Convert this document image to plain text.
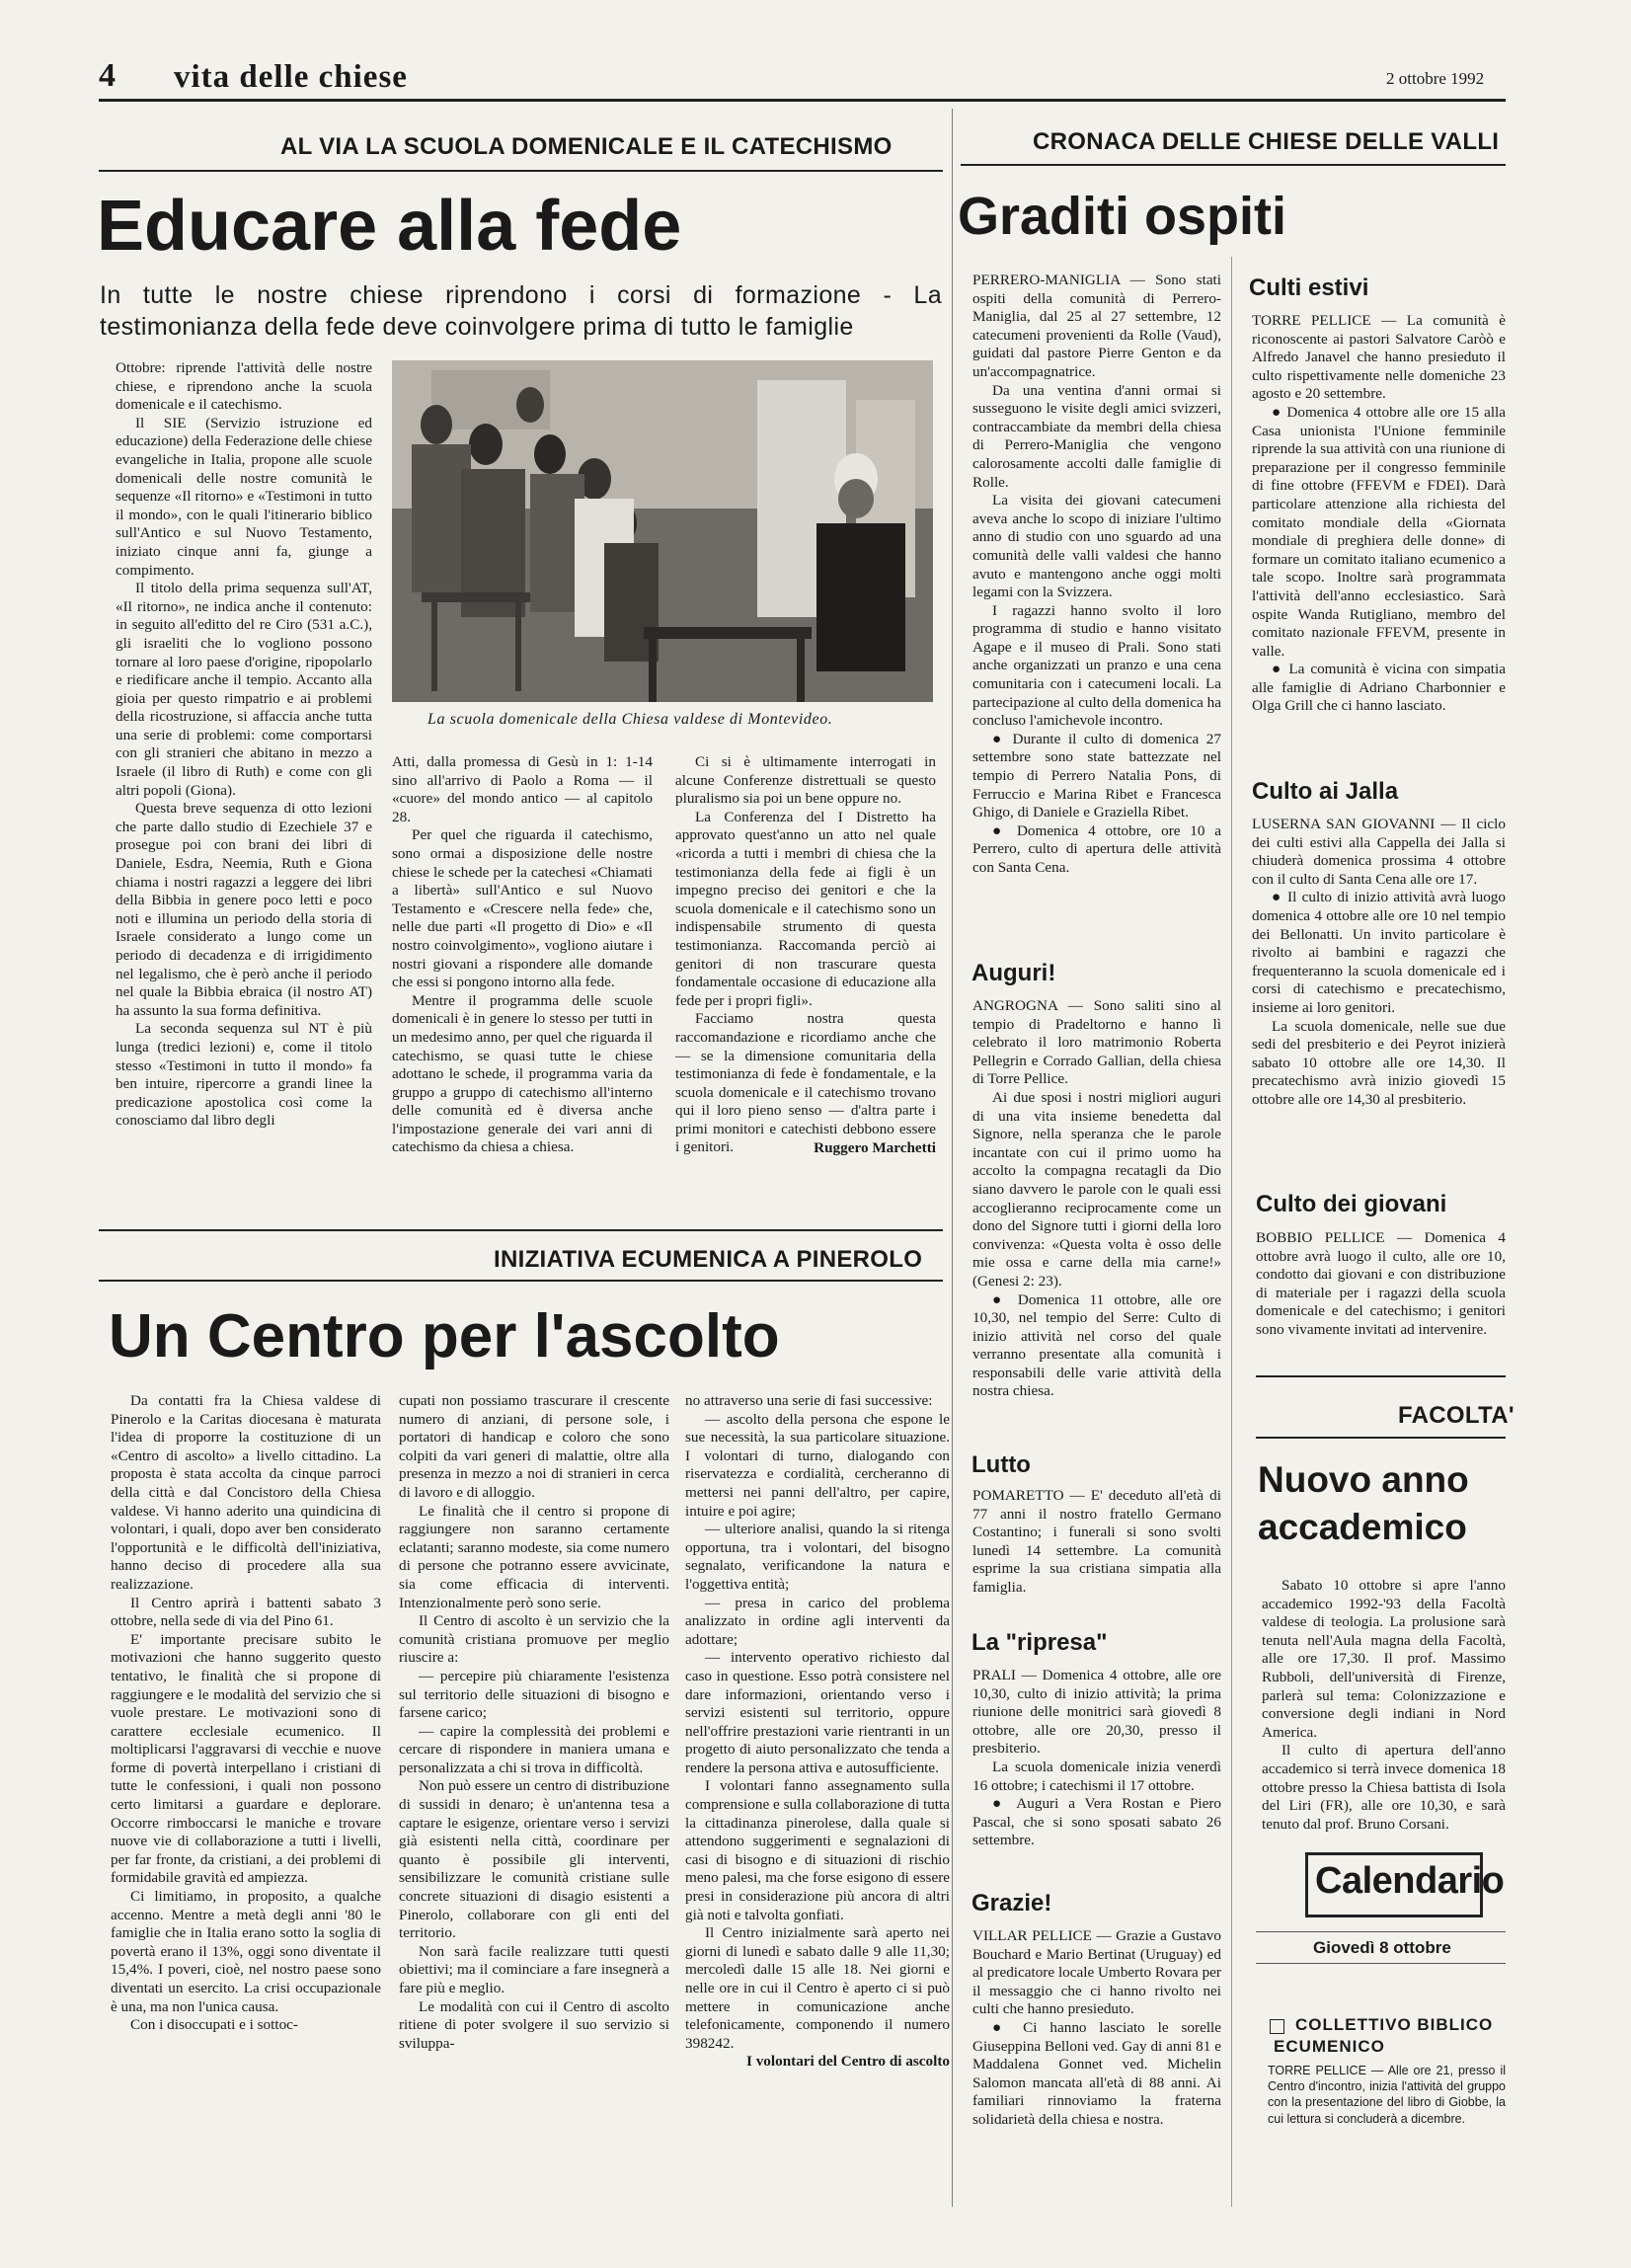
4 vita delle chiese	2 ottobre 1992
AL VIA LA SCUOLA DOMENICALE E IL CATECHISMO
Educare alla fede
In tutte le nostre chiese riprendono i corsi di formazione - La testimonianza della fede deve coinvolgere prima di tutto le famiglie

Ottobre: riprende l'attività delle nostre chiese, e riprendono anche la scuola domenicale e il catechismo.

Il SIE (Servizio istruzione ed educazione) della Federazione delle chiese evangeliche in Italia, propone alle scuole domenicali delle nostre comunità le sequenze «Il ritorno» e «Testimoni in tutto il mondo», con le quali l'itinerario biblico sull'Antico e sul Nuovo Testamento, iniziato cinque anni fa, giunge a compimento.

Il titolo della prima sequenza sull'AT, «Il ritorno», ne indica anche il contenuto: in seguito all'editto del re Ciro (531 a.C.), gli israeliti che lo vogliono possono tornare al loro paese d'origine, ripopolarlo e riedificare anche il tempio. Accanto alla gioia per questo rimpatrio e ai problemi della ricostruzione, si affaccia anche tutta una serie di problemi: come comportarsi con gli stranieri che abitano in mezzo a Israele (il libro di Ruth) e come con gli altri popoli (Giona).

Questa breve sequenza di otto lezioni che parte dallo studio di Ezechiele 37 e prosegue poi con brani dei libri di Daniele, Esdra, Neemia, Ruth e Giona chiama i nostri ragazzi a leggere dei libri della Bibbia in genere poco letti e poco noti e illumina un periodo della storia di Israele considerato a lungo come un periodo di decadenza e di irrigidimento nel legalismo, che è però anche il periodo nel quale la Bibbia ebraica (il nostro AT) ha assunto la sua forma definitiva.

La seconda sequenza sul NT è più lunga (tredici lezioni) e, come il titolo stesso «Testimoni in tutto il mondo» fa ben intuire, ripercorre a grandi linee la predicazione apostolica così come la conosciamo dal libro degli

La scuola domenicale della Chiesa valdese di Montevideo.

Atti, dalla promessa di Gesù in 1: 1-14 sino all'arrivo di Paolo a Roma — il «cuore» del mondo antico — al capitolo 28.

Per quel che riguarda il catechismo, sono ormai a disposizione delle nostre chiese le schede per la catechesi «Chiamati a libertà» sull'Antico e sul Nuovo Testamento e «Crescere nella fede» che, nelle due parti «Il progetto di Dio» e «Il nostro coinvolgimento», vogliono aiutare i nostri giovani a rispondere alle domande che essi si pongono intorno alla fede.

Mentre il programma delle scuole domenicali è in genere lo stesso per tutti in un medesimo anno, per quel che riguarda il catechismo, se quasi tutte le chiese adottano le schede, il programma varia da gruppo a gruppo di catechismo all'interno delle comunità ed è diversa anche l'impostazione generale dei vari anni di catechismo da chiesa a chiesa.

Ci si è ultimamente interrogati in alcune Conferenze distrettuali se questo pluralismo sia poi un bene oppure no.

La Conferenza del I Distretto ha approvato quest'anno un atto nel quale «ricorda a tutti i membri di chiesa che la testimonianza della fede ai figli è un impegno preciso dei genitori e che la scuola domenicale e il catechismo sono un indispensabile strumento di questa testimonianza. Raccomanda perciò ai genitori di non trascurare questa fondamentale occasione di educazione alla fede per i propri figli».

Facciamo nostra questa raccomandazione e ricordiamo anche che — se la dimensione comunitaria della testimonianza di fede è fondamentale, e la scuola domenicale e il catechismo trovano qui il loro pieno senso — d'altra parte i primi monitori e catechisti debbono essere i genitori.	Ruggero Marchetti

INIZIATIVA ECUMENICA A PINEROLO
Un Centro per l'ascolto

Da contatti fra la Chiesa valdese di Pinerolo e la Caritas diocesana è maturata l'idea di proporre la costituzione di un «Centro di ascolto» a livello cittadino. La proposta è stata accolta da cinque parroci della città e dal Concistoro della Chiesa valdese. Vi hanno aderito una quindicina di volontari, i quali, dopo aver ben considerato l'opportunità e le difficoltà dell'iniziativa, hanno deciso di procedere alla sua realizzazione.

Il Centro aprirà i battenti sabato 3 ottobre, nella sede di via del Pino 61.

E' importante precisare subito le motivazioni che hanno suggerito questo tentativo, le finalità che si propone di raggiungere e le modalità del servizio che si vuole prestare. Le motivazioni sono di carattere ecclesiale ecumenico. Il moltiplicarsi l'aggravarsi di vecchie e nuove forme di povertà interpellano i cristiani di tutte le confessioni, i quali non possono certo limitarsi a guardare e deplorare. Occorre rimboccarsi le maniche e trovare nuove vie di collaborazione a tutti i livelli, per far fronte, da cristiani, a dei problemi di formidabile gravità ed ampiezza.

Ci limitiamo, in proposito, a qualche accenno. Mentre a metà degli anni '80 le famiglie che in Italia erano sotto la soglia di povertà erano il 13%, oggi sono diventate il 15,4%. I poveri, cioè, nel nostro paese sono diventati un esercito. La crisi occupazionale è una, ma non l'unica causa.

Con i disoccupati e i sottoc-

cupati non possiamo trascurare il crescente numero di anziani, di persone sole, i portatori di handicap e coloro che sono colpiti da vari generi di malattie, oltre alla presenza in mezzo a noi di stranieri in cerca di lavoro e di alloggio.

Le finalità che il centro si propone di raggiungere non saranno certamente eclatanti; saranno modeste, sia come numero di persone che potranno essere avvicinate, sia come efficacia di interventi. Intenzionalmente però sono serie.

Il Centro di ascolto è un servizio che la comunità cristiana promuove per meglio riuscire a:

— percepire più chiaramente l'esistenza sul territorio delle situazioni di bisogno e farsene carico;

— capire la complessità dei problemi e cercare di rispondere in maniera umana e personalizzata a chi si trova in difficoltà.

Non può essere un centro di distribuzione di sussidi in denaro; è un'antenna tesa a captare le esigenze, orientare verso i servizi già esistenti nella città, coordinare per quanto è possibile gli interventi, sensibilizzare le comunità cristiane sulle concrete situazioni di disagio esistenti a Pinerolo, collaborare con gli enti del territorio.

Non sarà facile realizzare tutti questi obiettivi; ma il cominciare a fare insegnerà a fare più e meglio.

Le modalità con cui il Centro di ascolto ritiene di poter svolgere il suo servizio si sviluppa-

no attraverso una serie di fasi successive:

— ascolto della persona che espone le sue necessità, la sua particolare situazione. I volontari di turno, dialogando con riservatezza e cordialità, cercheranno di mettersi nei panni dell'altro, per capire, intuire e poi agire;

— ulteriore analisi, quando la si ritenga opportuna, tra i volontari, del bisogno segnalato, verificandone la natura e l'oggettiva entità;

— presa in carico del problema analizzato in ordine agli interventi da adottare;

— intervento operativo richiesto dal caso in questione. Esso potrà consistere nel dare informazioni, orientando verso i servizi esistenti sul territorio, oppure nell'offrire prestazioni varie rientranti in un progetto di aiuto personalizzato che tenda a rendere la persona attiva e autosufficiente.

I volontari fanno assegnamento sulla comprensione e sulla collaborazione di tutta la cittadinanza pinerolese, dalla quale si attendono suggerimenti e segnalazioni di casi di bisogno e di situazioni di rischio meno palesi, ma che forse esigono di essere presi in considerazione più ancora di altri già noti e talvolta gonfiati.

Il Centro inizialmente sarà aperto nei giorni di lunedì e sabato dalle 9 alle 11,30; mercoledì dalle 15 alle 18. Nei giorni e nelle ore in cui il Centro è aperto ci si può mettere in comunicazione anche telefonicamente, componendo il numero 398242.

I volontari del Centro di ascolto

CRONACA DELLE CHIESE DELLE VALLI
Graditi ospiti

PERRERO-MANIGLIA — Sono stati ospiti della comunità di Perrero-Maniglia, dal 25 al 27 settembre, 12 catecumeni provenienti da Rolle (Vaud), guidati dal pastore Pierre Genton e da un'accompagnatrice.

Da una ventina d'anni ormai si susseguono le visite degli amici svizzeri, contraccambiate da membri della chiesa di Perrero-Maniglia che vengono calorosamente accolti dalle famiglie di Rolle.

La visita dei giovani catecumeni aveva anche lo scopo di iniziare l'ultimo anno di studio con uno sguardo ad una comunità delle valli valdesi che hanno avuto e mantengono anche oggi molti legami con la Svizzera.

I ragazzi hanno svolto il loro programma di studio e hanno visitato Agape e il museo di Prali. Sono stati anche organizzati un pranzo e una cena comunitaria con i catecumeni locali. La partecipazione al culto della domenica ha concluso l'amichevole incontro.

● Durante il culto di domenica 27 settembre sono state battezzate nel tempio di Perrero Natalia Pons, di Ferruccio e Marina Ribet e Francesca Ghigo, di Daniele e Graziella Ribet.

● Domenica 4 ottobre, ore 10 a Perrero, culto di apertura delle attività con Santa Cena.

Auguri!

ANGROGNA — Sono saliti sino al tempio di Pradeltorno e hanno lì celebrato il loro matrimonio Roberta Pellegrin e Corrado Gallian, della chiesa di Torre Pellice.

Ai due sposi i nostri migliori auguri di una vita insieme benedetta dal Signore, nella speranza che le parole incantate con cui il primo uomo ha accolto la compagna recatagli da Dio siano davvero le parole con le quali essi accoglieranno reciprocamente come un dono del Signore tutti i giorni della loro convivenza: «Questa volta è osso delle mie ossa e carne della mia carne!» (Genesi 2: 23).

● Domenica 11 ottobre, alle ore 10,30, nel tempio del Serre: Culto di inizio attività nel corso del quale verranno presentate alla comunità i responsabili delle varie attività della nostra chiesa.

Lutto

POMARETTO — E' deceduto all'età di 77 anni il nostro fratello Germano Costantino; i funerali si sono svolti lunedì 14 settembre. La comunità esprime la sua cristiana simpatia alla famiglia.

La "ripresa"

PRALI — Domenica 4 ottobre, alle ore 10,30, culto di inizio attività; la prima riunione delle monitrici sarà giovedì 8 ottobre, alle ore 20,30, presso il presbiterio.

La scuola domenicale inizia venerdì 16 ottobre; i catechismi il 17 ottobre.

● Auguri a Vera Rostan e Piero Pascal, che si sono sposati sabato 26 settembre.

Grazie!

VILLAR PELLICE — Grazie a Gustavo Bouchard e Mario Bertinat (Uruguay) ed al predicatore locale Umberto Rovara per il messaggio che ci hanno rivolto nei culti che hanno presieduto.

● Ci hanno lasciato le sorelle Giuseppina Belloni ved. Gay di anni 81 e Maddalena Gonnet ved. Michelin Salomon mancata all'età di 88 anni. Ai familiari rinnoviamo la fraterna solidarietà della chiesa e nostra.

Culti estivi

TORRE PELLICE — La comunità è riconoscente ai pastori Salvatore Caròò e Alfredo Janavel che hanno presieduto il culto rispettivamente nelle domeniche 23 agosto e 20 settembre.

● Domenica 4 ottobre alle ore 15 alla Casa unionista l'Unione femminile riprende la sua attività con una riunione di preparazione per il congresso femminile di fine ottobre (FFEVM e FDEI). Darà particolare attenzione alla richiesta del comitato mondiale della «Giornata mondiale di preghiera delle donne» di formare un comitato italiano ecumenico a tale scopo. Inoltre sarà programmata l'attività dell'anno ecclesiastico. Sarà ospite Wanda Rutigliano, membro del comitato nazionale FFEVM, presente in valle.

● La comunità è vicina con simpatia alle famiglie di Adriano Charbonnier e Olga Grill che ci hanno lasciato.

Culto ai Jalla

LUSERNA SAN GIOVANNI — Il ciclo dei culti estivi alla Cappella dei Jalla si chiuderà domenica prossima 4 ottobre con il culto di Santa Cena alle ore 17.

● Il culto di inizio attività avrà luogo domenica 4 ottobre alle ore 10 nel tempio dei Bellonatti. Un invito particolare è rivolto ai bambini e ragazzi che frequenteranno la scuola domenicale ed i corsi di catechismo e precatechismo, insieme ai loro genitori.

La scuola domenicale, nelle sue due sedi del presbiterio e dei Peyrot inizierà sabato 10 ottobre alle ore 14,30. Il precatechismo avrà inizio giovedì 15 ottobre alle ore 14,30 al presbiterio.

Culto dei giovani

BOBBIO PELLICE — Domenica 4 ottobre avrà luogo il culto, alle ore 10, condotto dai giovani e con distribuzione di materiale per i ragazzi della scuola domenicale e del catechismo; i genitori sono vivamente invitati ad intervenire.

FACOLTA'
Nuovo anno
accademico

Sabato 10 ottobre si apre l'anno accademico 1992-'93 della Facoltà valdese di teologia. La prolusione sarà tenuta nell'Aula magna della Facoltà, alle ore 17,30. Il prof. Massimo Rubboli, dell'università di Firenze, parlerà sul tema: Colonizzazione e conversione degli indiani in Nord America.

Il culto di apertura dell'anno accademico si terrà invece domenica 18 ottobre presso la Chiesa battista di Isola del Liri (FR), alle ore 10,30, e sarà tenuto dal prof. Bruno Corsani.

Calendario
Giovedì 8 ottobre
COLLETTIVO BIBLICO
ECUMENICO
TORRE PELLICE — Alle ore 21, presso il Centro d'incontro, inizia l'attività del gruppo con la presentazione del libro di Giobbe, la cui lettura si concluderà a dicembre.
